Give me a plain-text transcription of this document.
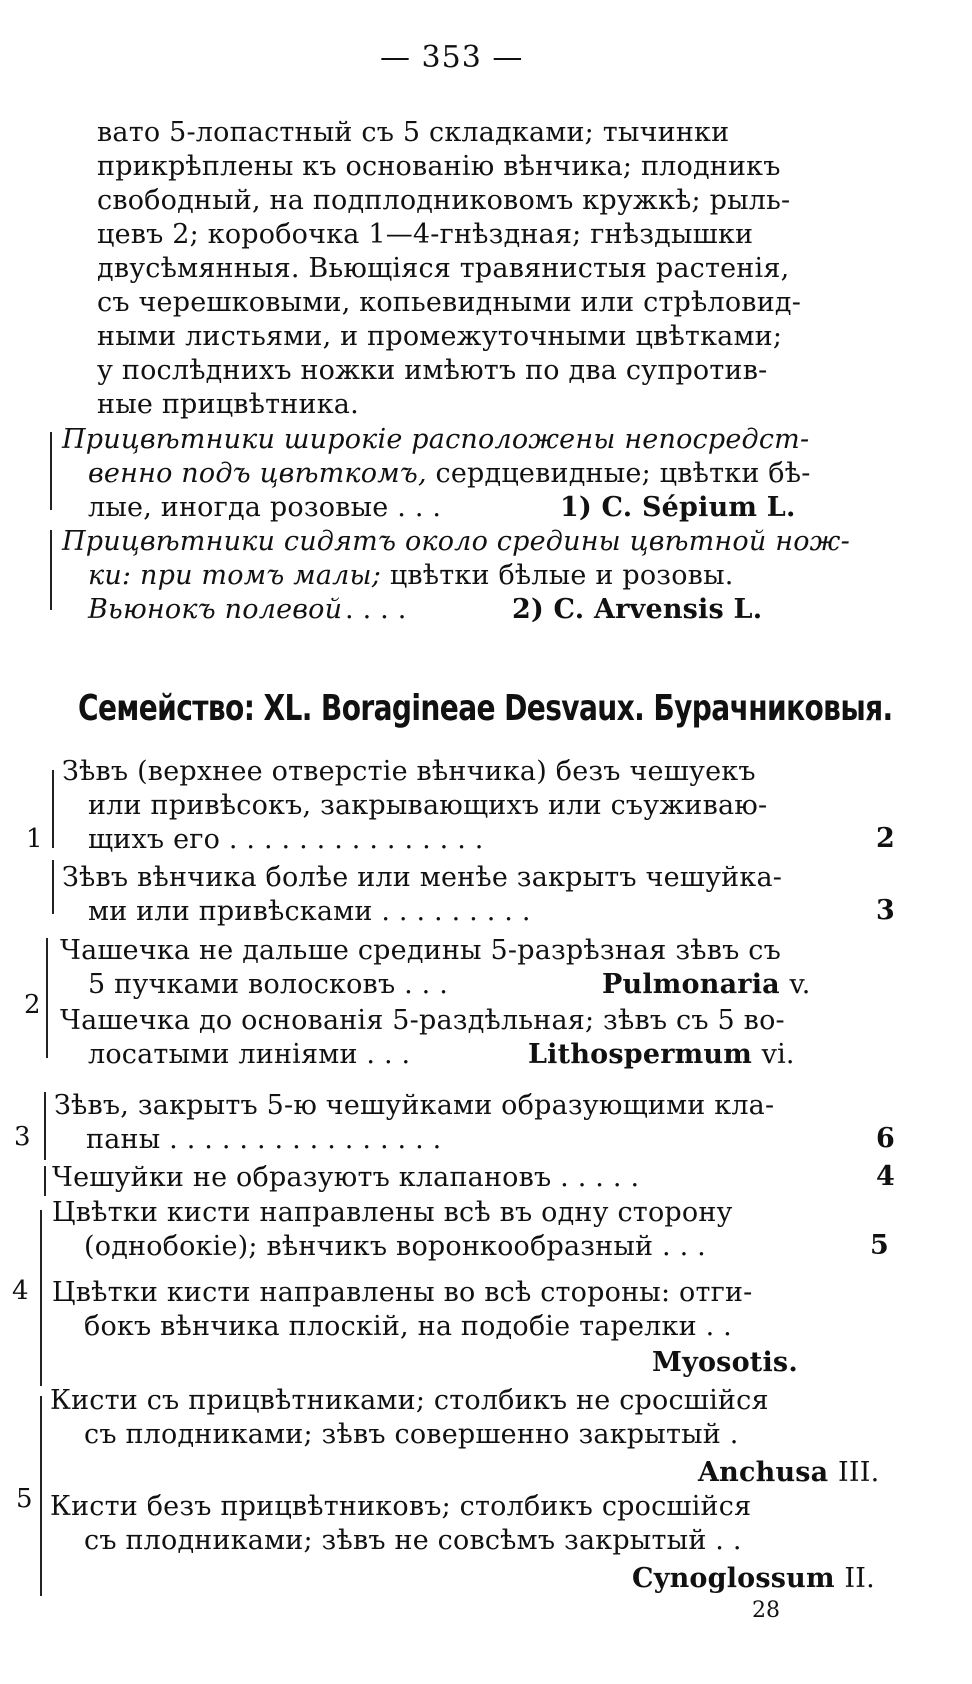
— 353 —
вато 5-лопастный съ 5 складками; тычинки
прикрѣплены къ основанію вѣнчика; плодникъ
свободный, на подплодниковомъ кружкѣ; рыль-
цевъ 2; коробочка 1—4-гнѣздная; гнѣздышки
двусѣмянныя. Вьющіяся травянистыя растенія,
съ черешковыми, копьевидными или стрѣловид-
ными листьями, и промежуточными цвѣтками;
у послѣднихъ ножки имѣютъ по два супротив-
ные прицвѣтника.
Прицвѣтники широкіе расположены непосредст-
венно подъ цвѣткомъ, сердцевидные; цвѣтки бѣ-
лые, иногда розовые . . .	1) C. Sépium L.
Прицвѣтники сидятъ около средины цвѣтной нож-
ки: при томъ малы; цвѣтки бѣлые и розовы.
Вьюнокъ полевой . . . .	2) C. Arvensis L.
Семейство: XL. Boragineae Desvaux. Бурачниковыя.
1
Зѣвъ (верхнее отверстіе вѣнчика) безъ чешуекъ
или привѣсокъ, закрывающихъ или съуживаю-
щихъ его . . . . . . . . . . . . . . .	2
Зѣвъ вѣнчика болѣе или менѣе закрытъ чешуйка-
ми или привѣсками . . . . . . . . .	3
2
Чашечка не дальше средины 5-разрѣзная зѣвъ съ
5 пучками волосковъ . . .	Pulmonaria v.
Чашечка до основанія 5-раздѣльная; зѣвъ съ 5 во-
лосатыми линіями . . .	Lithospermum vi.
3
Зѣвъ, закрытъ 5-ю чешуйками образующими кла-
паны . . . . . . . . . . . . . . . .	6
Чешуйки не образуютъ клапановъ . . . . .	4
4
Цвѣтки кисти направлены всѣ въ одну сторону
(однобокіе); вѣнчикъ воронкообразный . . .	5
Цвѣтки кисти направлены во всѣ стороны: отги-
бокъ вѣнчика плоскій, на подобіе тарелки . .
Myosotis.
5
Кисти съ прицвѣтниками; столбикъ не сросшійся
съ плодниками; зѣвъ совершенно закрытый .
Anchusa III.
Кисти безъ прицвѣтниковъ; столбикъ сросшійся
съ плодниками; зѣвъ не совсѣмъ закрытый . .
Cynoglossum II.
28
